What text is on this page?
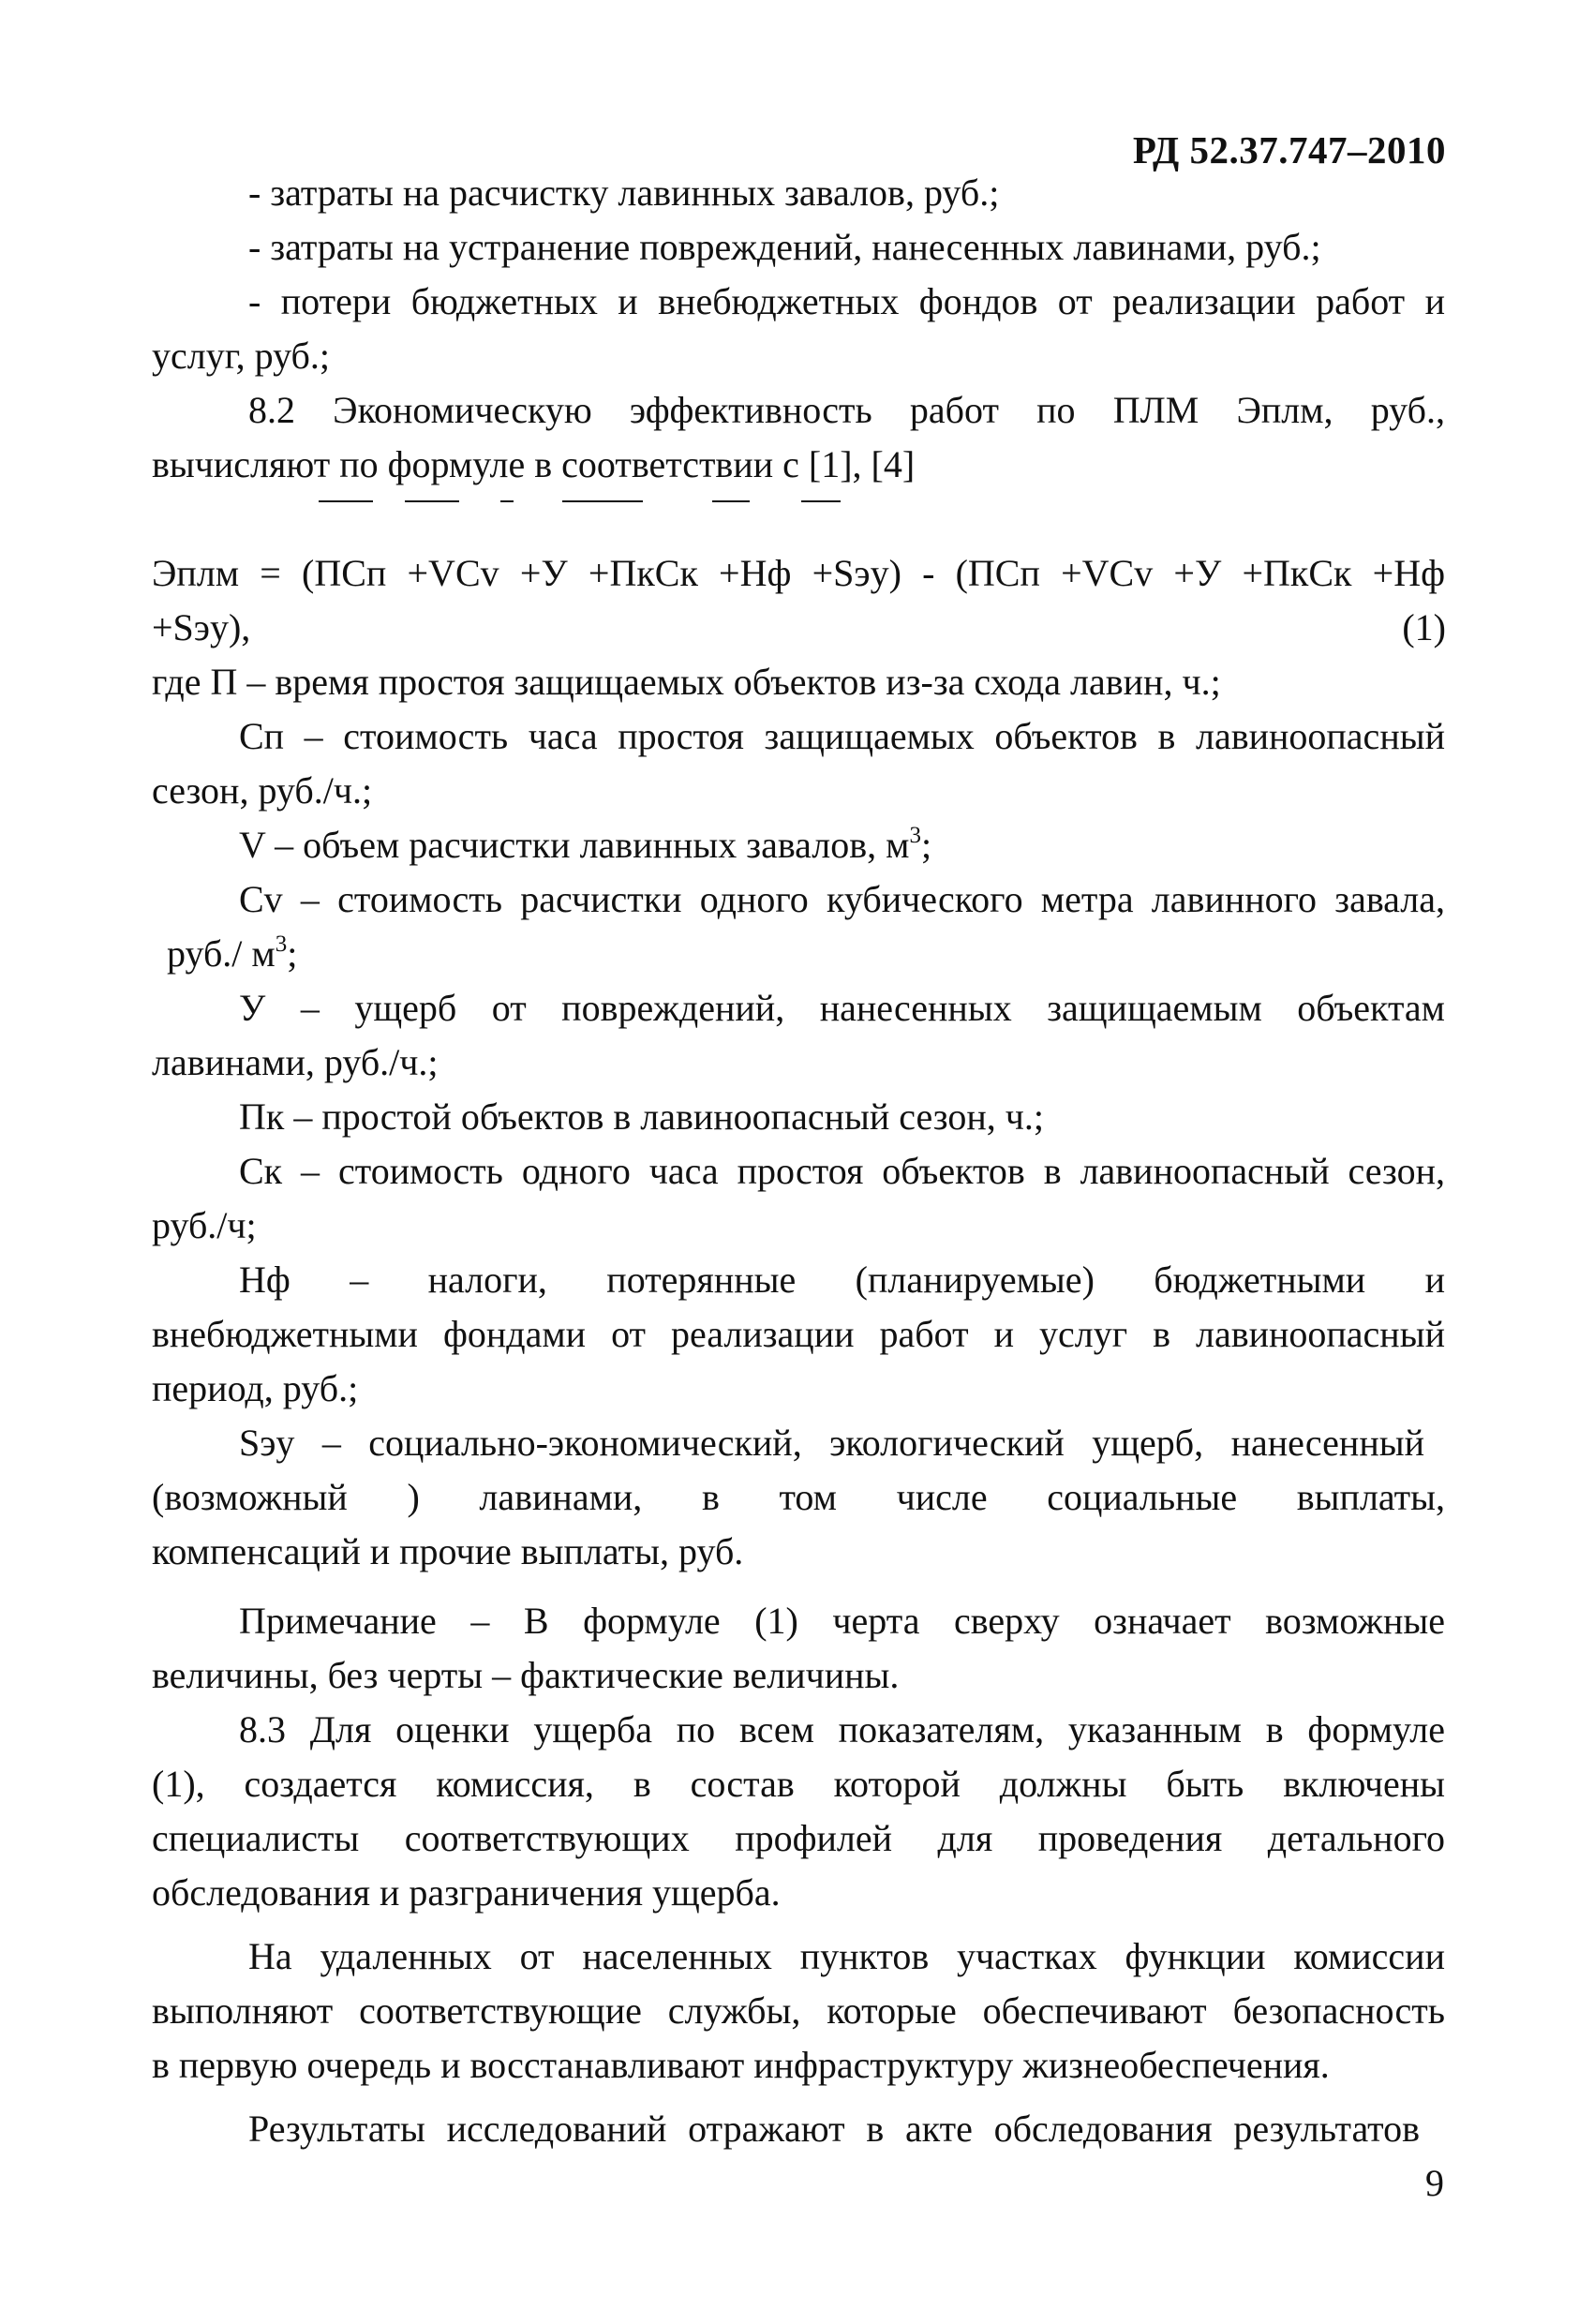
РД 52.37.747–2010
- затраты на расчистку лавинных завалов, руб.;
- затраты на устранение повреждений, нанесенных лавинами, руб.;
- потери бюджетных и внебюджетных фондов от реализации работ и
услуг, руб.;
8.2 Экономическую эффективность работ по ПЛМ Эплм, руб.,
вычисляют по формуле в соответствии с [1], [4]
Эплм = (ПСп +VCv +У +ПкСк +Нф +Sэу) - (ПСп +VCv +У +ПкСк +Нф
+Sэу),	(1)
где П – время простоя защищаемых объектов из-за схода лавин, ч.;
Сп – стоимость часа простоя защищаемых объектов в лавиноопасный
сезон, руб./ч.;
V – объем расчистки лавинных завалов, $м^3$;
Cv – стоимость расчистки одного кубического метра лавинного завала,
руб./ $м^3$;
У – ущерб от повреждений, нанесенных защищаемым объектам
лавинами, руб./ч.;
Пк – простой объектов в лавиноопасный сезон, ч.;
Ск – стоимость одного часа простоя объектов в лавиноопасный сезон,
руб./ч;
Нф – налоги, потерянные (планируемые) бюджетными и
внебюджетными фондами от реализации работ и услуг в лавиноопасный
период, руб.;
Sэу – социально-экономический, экологический ущерб, нанесенный
(возможный ) лавинами, в том числе социальные выплаты,
компенсаций и прочие выплаты, руб.
Примечание – В формуле (1) черта сверху означает возможные
величины, без черты – фактические величины.
8.3 Для оценки ущерба по всем показателям, указанным в формуле
(1), создается комиссия, в состав которой должны быть включены
специалисты соответствующих профилей для проведения детального
обследования и разграничения ущерба.
На удаленных от населенных пунктов участках функции комиссии
выполняют соответствующие службы, которые обеспечивают безопасность
в первую очередь и восстанавливают инфраструктуру жизнеобеспечения.
Результаты исследований отражают в акте обследования результатов
9
